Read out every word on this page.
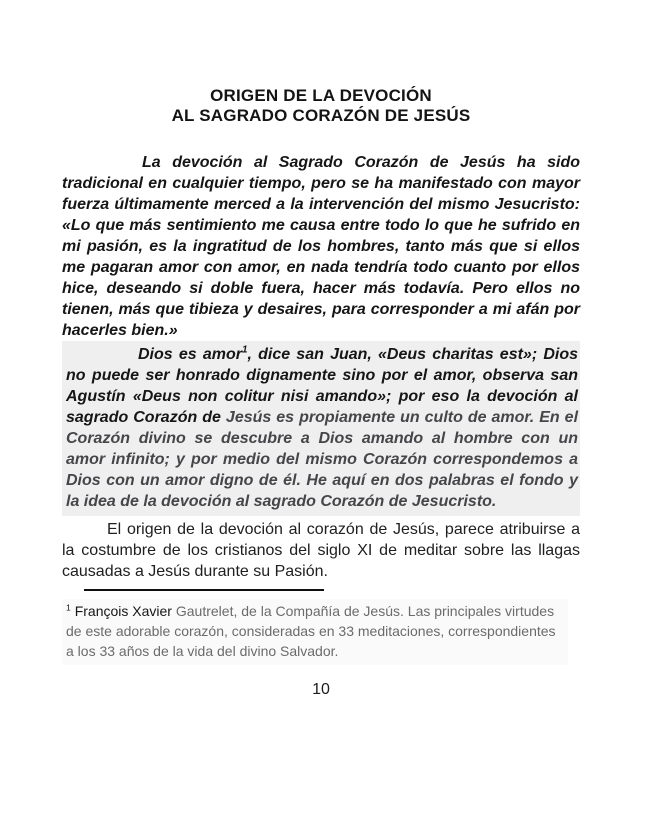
ORIGEN DE LA DEVOCIÓN
AL SAGRADO CORAZÓN DE JESÚS

La devoción al Sagrado Corazón de Jesús ha sido tradicional en cualquier tiempo, pero se ha manifestado con mayor fuerza últimamente merced a la intervención del mismo Jesucristo: «Lo que más sentimiento me causa entre todo lo que he sufrido en mi pasión, es la ingratitud de los hombres, tanto más que si ellos me pagaran amor con amor, en nada tendría todo cuanto por ellos hice, deseando si doble fuera, hacer más todavía. Pero ellos no tienen, más que tibieza y desaires, para corresponder a mi afán por hacerles bien.»

Dios es amor$^1$, dice san Juan, «Deus charitas est»; Dios no puede ser honrado dignamente sino por el amor, observa san Agustín «Deus non colitur nisi amando»; por eso la devoción al sagrado Corazón de Jesús es propiamente un culto de amor. En el Corazón divino se descubre a Dios amando al hombre con un amor infinito; y por medio del mismo Corazón correspondemos a Dios con un amor digno de él. He aquí en dos palabras el fondo y la idea de la devoción al sagrado Corazón de Jesucristo.

El origen de la devoción al corazón de Jesús, parece atribuirse a la costumbre de los cristianos del siglo XI de meditar sobre las llagas causadas a Jesús durante su Pasión.

$^1$ François Xavier Gautrelet, de la Compañía de Jesús. Las principales virtudes de este adorable corazón, consideradas en 33 meditaciones, correspondientes a los 33 años de la vida del divino Salvador.
10
